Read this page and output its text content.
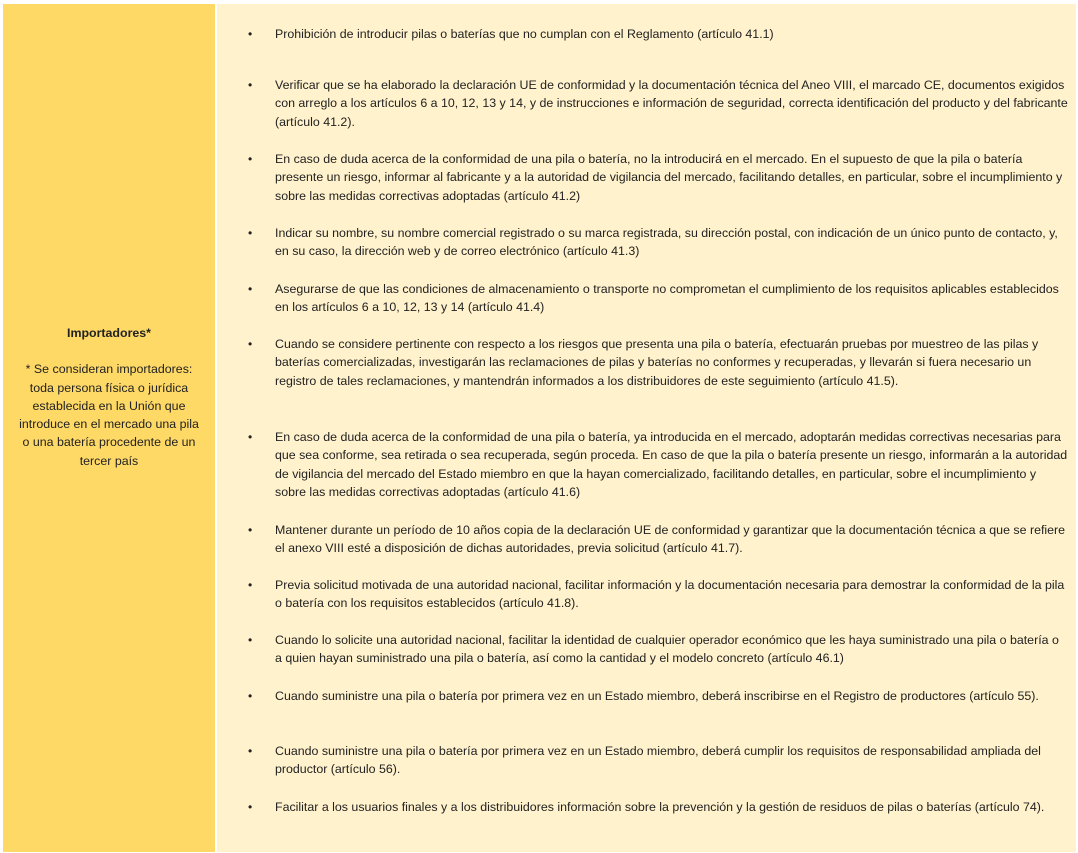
Importadores*
* Se consideran importadores: toda persona física o jurídica establecida en la Unión que introduce en el mercado una pila o una batería procedente de un tercer país
• Prohibición de introducir pilas o baterías que no cumplan con el Reglamento (artículo 41.1)
• Verificar que se ha elaborado la declaración UE de conformidad y la documentación técnica del Aneo VIII, el marcado CE, documentos exigidos con arreglo a los artículos 6 a 10, 12, 13 y 14, y de instrucciones e información de seguridad, correcta identificación del producto y del fabricante (artículo 41.2).
• En caso de duda acerca de la conformidad de una pila o batería, no la introducirá en el mercado. En el supuesto de que la pila o batería presente un riesgo, informar al fabricante y a la autoridad de vigilancia del mercado, facilitando detalles, en particular, sobre el incumplimiento y sobre las medidas correctivas adoptadas (artículo 41.2)
• Indicar su nombre, su nombre comercial registrado o su marca registrada, su dirección postal, con indicación de un único punto de contacto, y, en su caso, la dirección web y de correo electrónico (artículo 41.3)
• Asegurarse de que las condiciones de almacenamiento o transporte no comprometan el cumplimiento de los requisitos aplicables establecidos en los artículos 6 a 10, 12, 13 y 14 (artículo 41.4)
• Cuando se considere pertinente con respecto a los riesgos que presenta una pila o batería, efectuarán pruebas por muestreo de las pilas y baterías comercializadas, investigarán las reclamaciones de pilas y baterías no conformes y recuperadas, y llevarán si fuera necesario un registro de tales reclamaciones, y mantendrán informados a los distribuidores de este seguimiento (artículo 41.5).
• En caso de duda acerca de la conformidad de una pila o batería, ya introducida en el mercado, adoptarán medidas correctivas necesarias para que sea conforme, sea retirada o sea recuperada, según proceda. En caso de que la pila o batería presente un riesgo, informarán a la autoridad de vigilancia del mercado del Estado miembro en que la hayan comercializado, facilitando detalles, en particular, sobre el incumplimiento y sobre las medidas correctivas adoptadas (artículo 41.6)
• Mantener durante un período de 10 años copia de la declaración UE de conformidad y garantizar que la documentación técnica a que se refiere el anexo VIII esté a disposición de dichas autoridades, previa solicitud (artículo 41.7).
• Previa solicitud motivada de una autoridad nacional, facilitar información y la documentación necesaria para demostrar la conformidad de la pila o batería con los requisitos establecidos (artículo 41.8).
• Cuando lo solicite una autoridad nacional, facilitar la identidad de cualquier operador económico que les haya suministrado una pila o batería o a quien hayan suministrado una pila o batería, así como la cantidad y el modelo concreto (artículo 46.1)
• Cuando suministre una pila o batería por primera vez en un Estado miembro, deberá inscribirse en el Registro de productores (artículo 55).
• Cuando suministre una pila o batería por primera vez en un Estado miembro, deberá cumplir los requisitos de responsabilidad ampliada del productor (artículo 56).
• Facilitar a los usuarios finales y a los distribuidores información sobre la prevención y la gestión de residuos de pilas o baterías (artículo 74).
